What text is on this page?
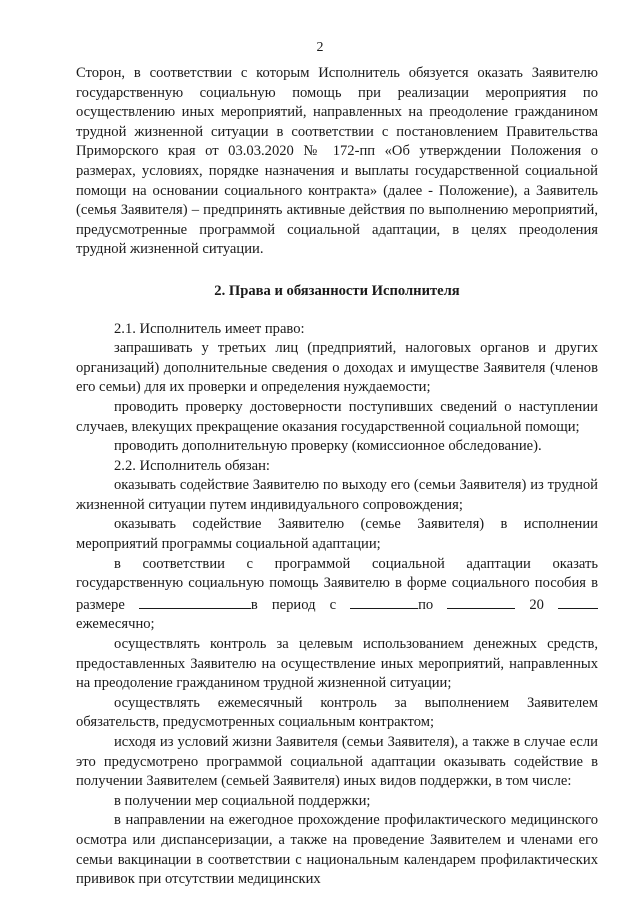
2

Сторон, в соответствии с которым Исполнитель обязуется оказать Заявителю государственную социальную помощь при реализации мероприятия по осуществлению иных мероприятий, направленных на преодоление гражданином трудной жизненной ситуации в соответствии с постановлением Правительства Приморского края от 03.03.2020 № 172-пп «Об утверждении Положения о размерах, условиях, порядке назначения и выплаты государственной социальной помощи на основании социального контракта» (далее - Положение), а Заявитель (семья Заявителя) – предпринять активные действия по выполнению мероприятий, предусмотренные программой социальной адаптации, в целях преодоления трудной жизненной ситуации.

2. Права и обязанности Исполнителя

2.1. Исполнитель имеет право:

запрашивать у третьих лиц (предприятий, налоговых органов и других организаций) дополнительные сведения о доходах и имуществе Заявителя (членов его семьи) для их проверки и определения нуждаемости;

проводить проверку достоверности поступивших сведений о наступлении случаев, влекущих прекращение оказания государственной социальной помощи;

проводить дополнительную проверку (комиссионное обследование).

2.2. Исполнитель обязан:

оказывать содействие Заявителю по выходу его (семьи Заявителя) из трудной жизненной ситуации путем индивидуального сопровождения;

оказывать содействие Заявителю (семье Заявителя) в исполнении мероприятий программы социальной адаптации;

в соответствии с программой социальной адаптации оказать государственную социальную помощь Заявителю в форме социального пособия в размере	в период с	по	20  ежемесячно;

осуществлять контроль за целевым использованием денежных средств, предоставленных Заявителю на осуществление иных мероприятий, направленных на преодоление гражданином трудной жизненной ситуации;

осуществлять ежемесячный контроль за выполнением Заявителем обязательств, предусмотренных социальным контрактом;

исходя из условий жизни Заявителя (семьи Заявителя), а также в случае если это предусмотрено программой социальной адаптации оказывать содействие в получении Заявителем (семьей Заявителя) иных видов поддержки, в том числе:

в получении мер социальной поддержки;

в направлении на ежегодное прохождение профилактического медицинского осмотра или диспансеризации, а также на проведение Заявителем и членами его семьи вакцинации в соответствии с национальным календарем профилактических прививок при отсутствии медицинских
